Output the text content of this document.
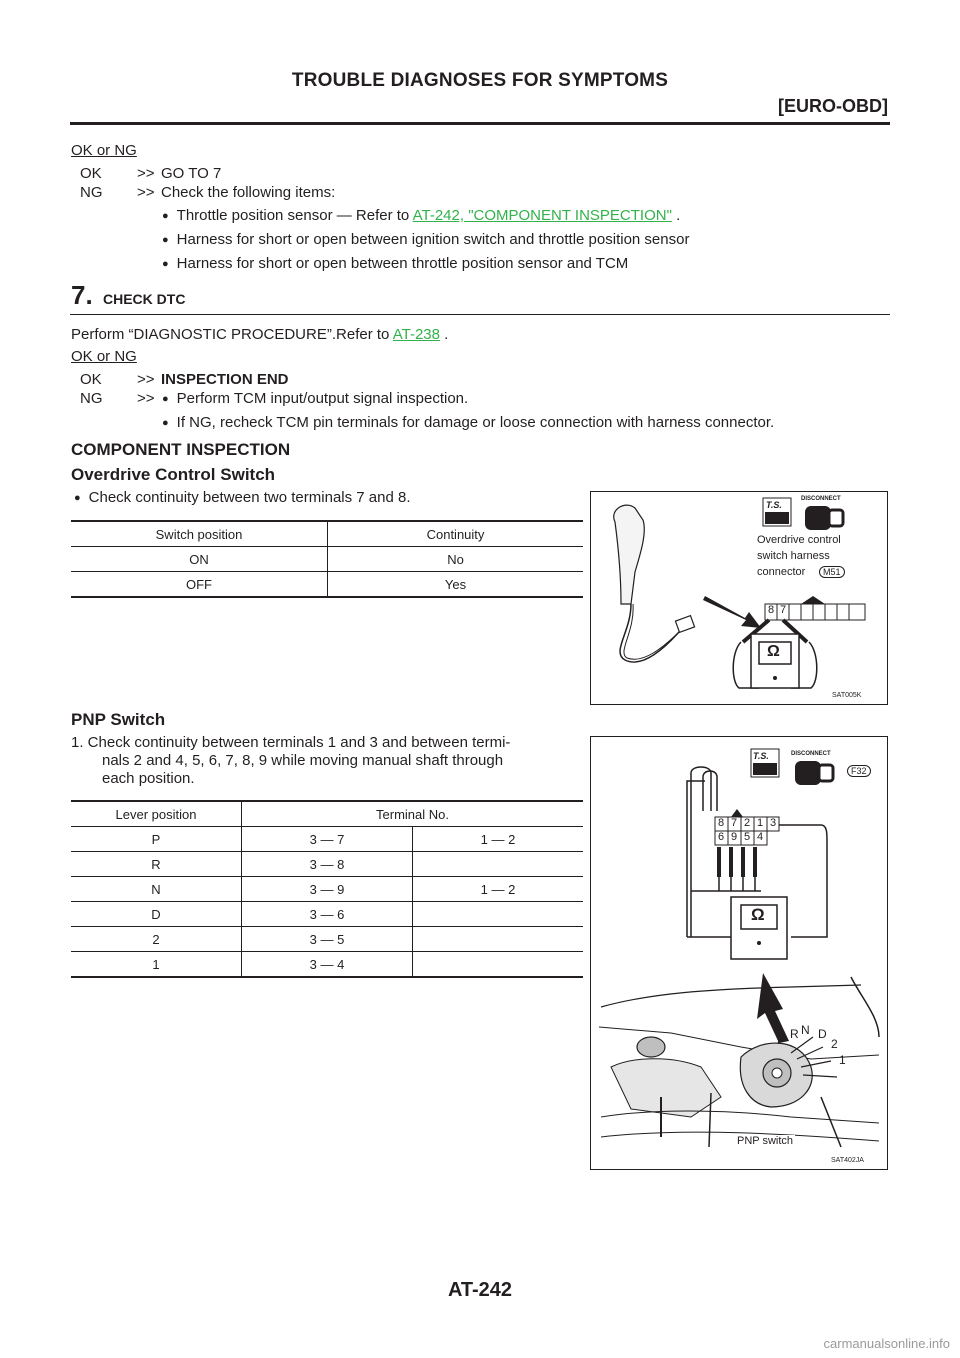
TROUBLE DIAGNOSES FOR SYMPTOMS
[EURO-OBD]
OK or NG
OK >> GO TO 7
NG >> Check the following items:
● Throttle position sensor — Refer to AT-242, "COMPONENT INSPECTION" .
● Harness for short or open between ignition switch and throttle position sensor
● Harness for short or open between throttle position sensor and TCM
7. CHECK DTC
Perform “DIAGNOSTIC PROCEDURE”.Refer to AT-238 .
OK or NG
OK >> INSPECTION END
NG >>	● Perform TCM input/output signal inspection.
● If NG, recheck TCM pin terminals for damage or loose connection with harness connector.
COMPONENT INSPECTION
Overdrive Control Switch
● Check continuity between two terminals 7 and 8.
Switch position	Continuity
ON	No
OFF	Yes
T.S.
DISCONNECT
Overdrive control
switch harness
connector	M51
8 7
Ω
SAT005K
PNP Switch
1. Check continuity between terminals 1 and 3 and between termi-
nals 2 and 4, 5, 6, 7, 8, 9 while moving manual shaft through
each position.
Lever position	Terminal No.	
P	3 — 7	1 — 2
R	3 — 8	
N	3 — 9	1 — 2
D	3 — 6	
2	3 — 5	
1	3 — 4	
T.S.	DISCONNECT
F32
8 7 2 1 3
6 9 5 4
Ω
P R N D
2
1
PNP switch
SAT402JA
AT-242
carmanualsonline.info
